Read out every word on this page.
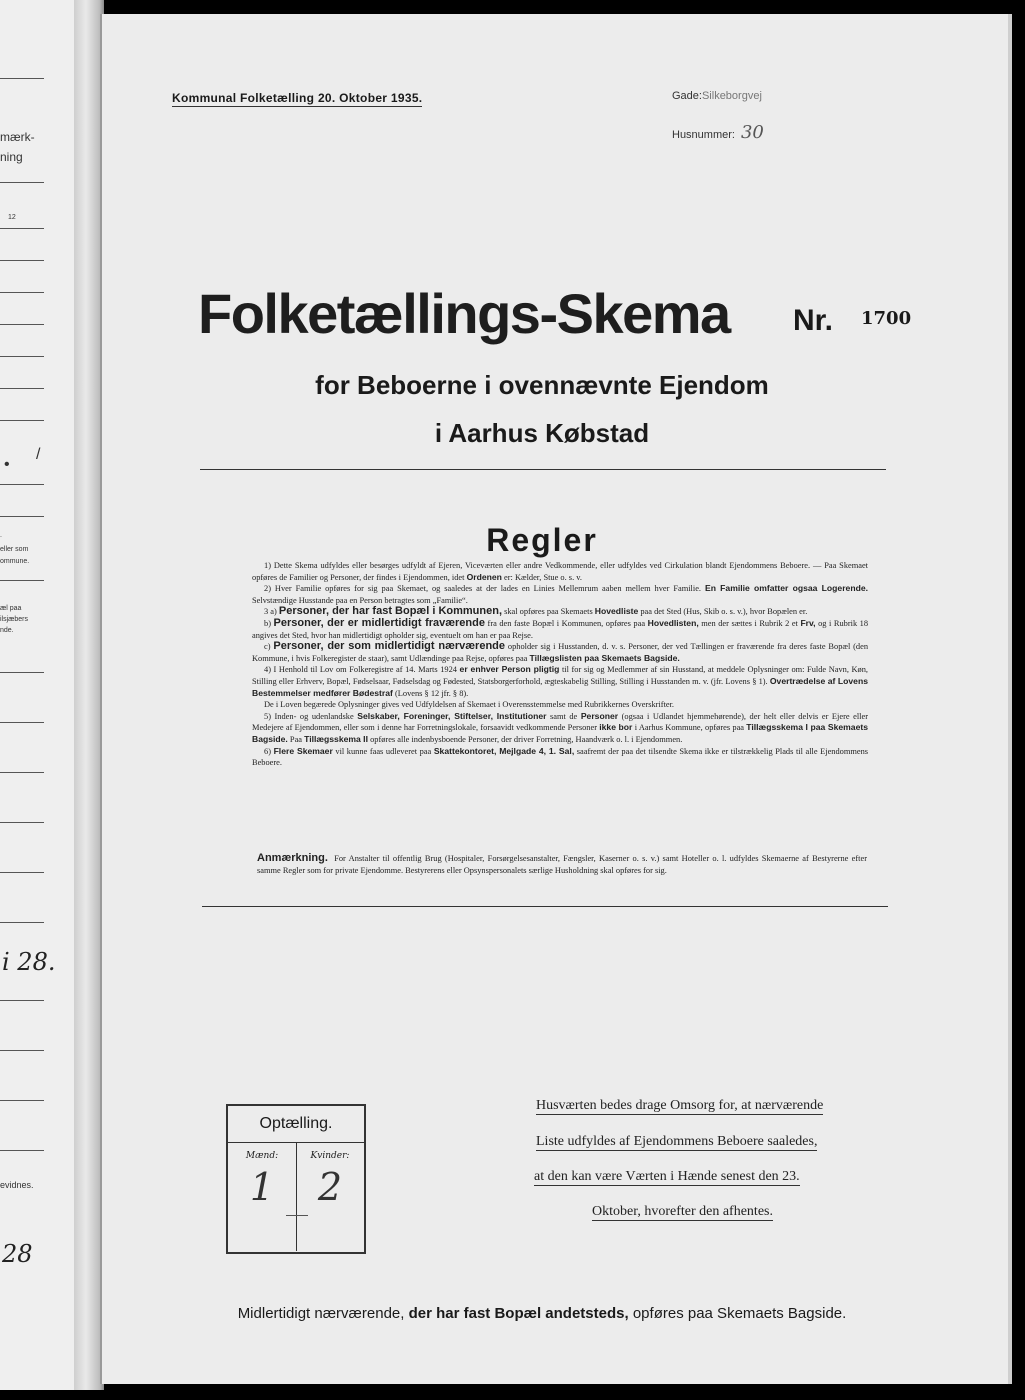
mærk-
ning
12
/
•
.
eller som
ommune.
æl paa
ilsjæbers
nde.
i 28.
evidnes.
28
Kommunal Folketælling 20. Oktober 1935.	Gade:Silkeborgvej
Husnummer: 30
Folketællings-Skema Nr. 1700
for Beboerne i ovennævnte Ejendom
i Aarhus Købstad
Regler

1) Dette Skema udfyldes eller besørges udfyldt af Ejeren, Viceværten eller andre Vedkommende, eller udfyldes ved Cirkulation blandt Ejendommens Beboere. — Paa Skemaet opføres de Familier og Personer, der findes i Ejendommen, idet Ordenen er: Kælder, Stue o. s. v.

2) Hver Familie opføres for sig paa Skemaet, og saaledes at der lades en Linies Mellemrum aaben mellem hver Familie. En Familie omfatter ogsaa Logerende. Selvstændige Husstande paa en Person betragtes som „Familie“.

3 a) Personer, der har fast Bopæl i Kommunen, skal opføres paa Skemaets Hovedliste paa det Sted (Hus, Skib o. s. v.), hvor Bopælen er.

b) Personer, der er midlertidigt fraværende fra den faste Bopæl i Kommunen, opføres paa Hovedlisten, men der sættes i Rubrik 2 et Frv, og i Rubrik 18 angives det Sted, hvor han midlertidigt opholder sig, eventuelt om han er paa Rejse.

c) Personer, der som midlertidigt nærværende opholder sig i Husstanden, d. v. s. Personer, der ved Tællingen er fraværende fra deres faste Bopæl (den Kommune, i hvis Folkeregister de staar), samt Udlændinge paa Rejse, opføres paa Tillægslisten paa Skemaets Bagside.

4) I Henhold til Lov om Folkeregistre af 14. Marts 1924 er enhver Person pligtig til for sig og Medlemmer af sin Husstand, at meddele Oplysninger om: Fulde Navn, Køn, Stilling eller Erhverv, Bopæl, Fødselsaar, Fødselsdag og Fødested, Statsborgerforhold, ægteskabelig Stilling, Stilling i Husstanden m. v. (jfr. Lovens § 1). Overtrædelse af Lovens Bestemmelser medfører Bødestraf (Lovens § 12 jfr. § 8).

De i Loven begærede Oplysninger gives ved Udfyldelsen af Skemaet i Overensstemmelse med Rubrikkernes Overskrifter.

5) Inden- og udenlandske Selskaber, Foreninger, Stiftelser, Institutioner samt de Personer (ogsaa i Udlandet hjemmehørende), der helt eller delvis er Ejere eller Medejere af Ejendommen, eller som i denne har Forretningslokale, forsaavidt vedkommende Personer ikke bor i Aarhus Kommune, opføres paa Tillægsskema I paa Skemaets Bagside. Paa Tillægsskema II opføres alle indenbysboende Personer, der driver Forretning, Haandværk o. l. i Ejendommen.

6) Flere Skemaer vil kunne faas udleveret paa Skattekontoret, Mejlgade 4, 1. Sal, saafremt der paa det tilsendte Skema ikke er tilstrækkelig Plads til alle Ejendommens Beboere.

Anmærkning. For Anstalter til offentlig Brug (Hospitaler, Forsørgelsesanstalter, Fængsler, Kaserner o. s. v.) samt Hoteller o. l. udfyldes Skemaerne af Bestyrerne efter samme Regler som for private Ejendomme. Bestyrerens eller Opsynspersonalets særlige Husholdning skal opføres for sig.
Optælling.
Mænd:
1
Kvinder:
2
Husværten bedes drage Omsorg for, at nærværende
Liste udfyldes af Ejendommens Beboere saaledes,
at den kan være Værten i Hænde senest den 23.
Oktober, hvorefter den afhentes.
Midlertidigt nærværende, der har fast Bopæl andetsteds, opføres paa Skemaets Bagside.
